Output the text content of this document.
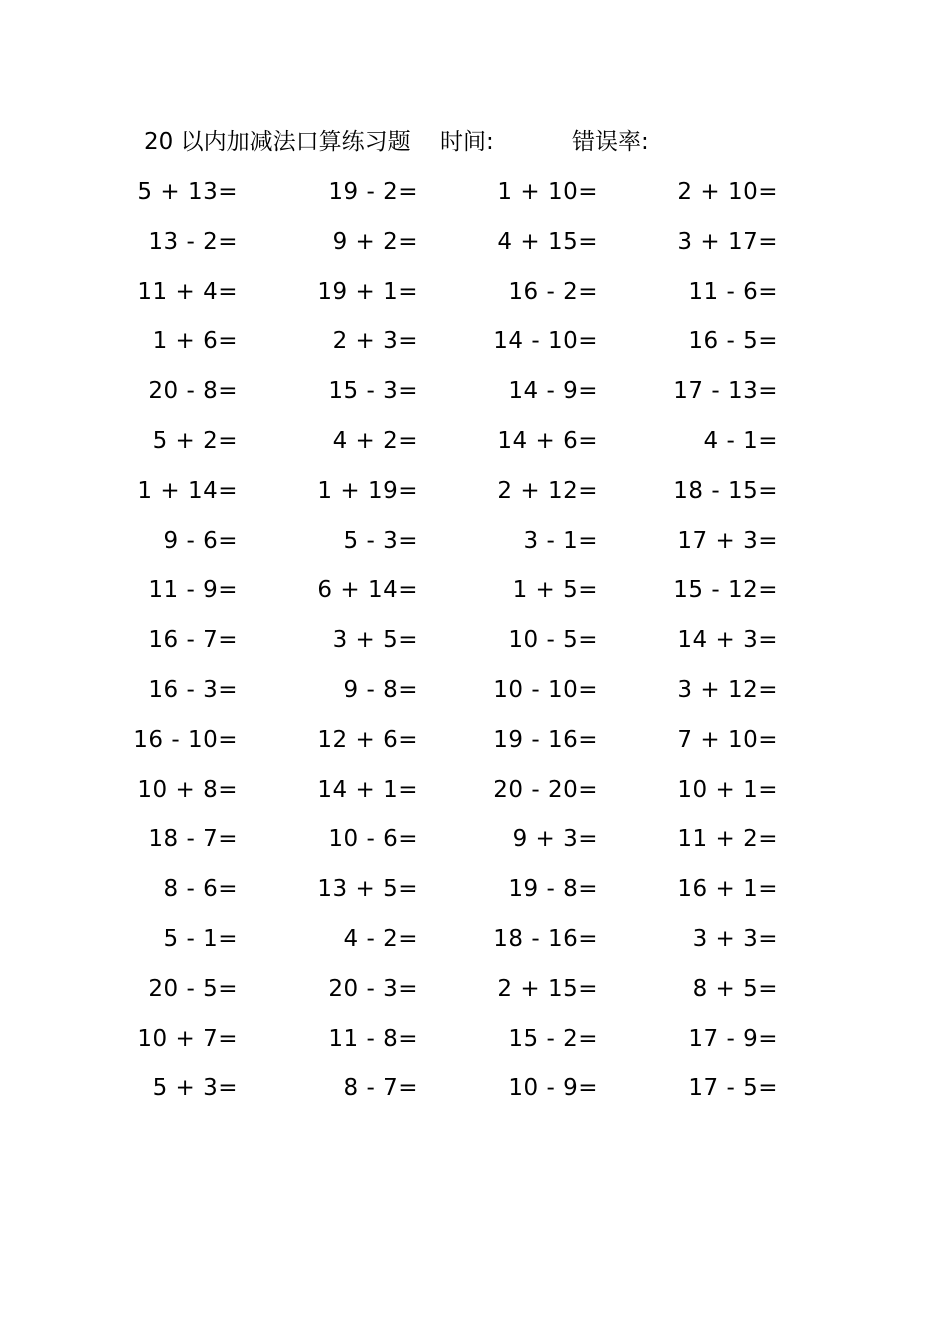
20 以内加减法口算练习题 时间:	错误率:
5 + 13=	19 - 2=	1 + 10=	2 + 10=
13 - 2=	9 + 2=	4 + 15=	3 + 17=
11 + 4=	19 + 1=	16 - 2=	11 - 6=
1 + 6=	2 + 3=	14 - 10=	16 - 5=
20 - 8=	15 - 3=	14 - 9=	17 - 13=
5 + 2=	4 + 2=	14 + 6=	4 - 1=
1 + 14=	1 + 19=	2 + 12=	18 - 15=
9 - 6=	5 - 3=	3 - 1=	17 + 3=
11 - 9=	6 + 14=	1 + 5=	15 - 12=
16 - 7=	3 + 5=	10 - 5=	14 + 3=
16 - 3=	9 - 8=	10 - 10=	3 + 12=
16 - 10=	12 + 6=	19 - 16=	7 + 10=
10 + 8=	14 + 1=	20 - 20=	10 + 1=
18 - 7=	10 - 6=	9 + 3=	11 + 2=
8 - 6=	13 + 5=	19 - 8=	16 + 1=
5 - 1=	4 - 2=	18 - 16=	3 + 3=
20 - 5=	20 - 3=	2 + 15=	8 + 5=
10 + 7=	11 - 8=	15 - 2=	17 - 9=
5 + 3=	8 - 7=	10 - 9=	17 - 5=
